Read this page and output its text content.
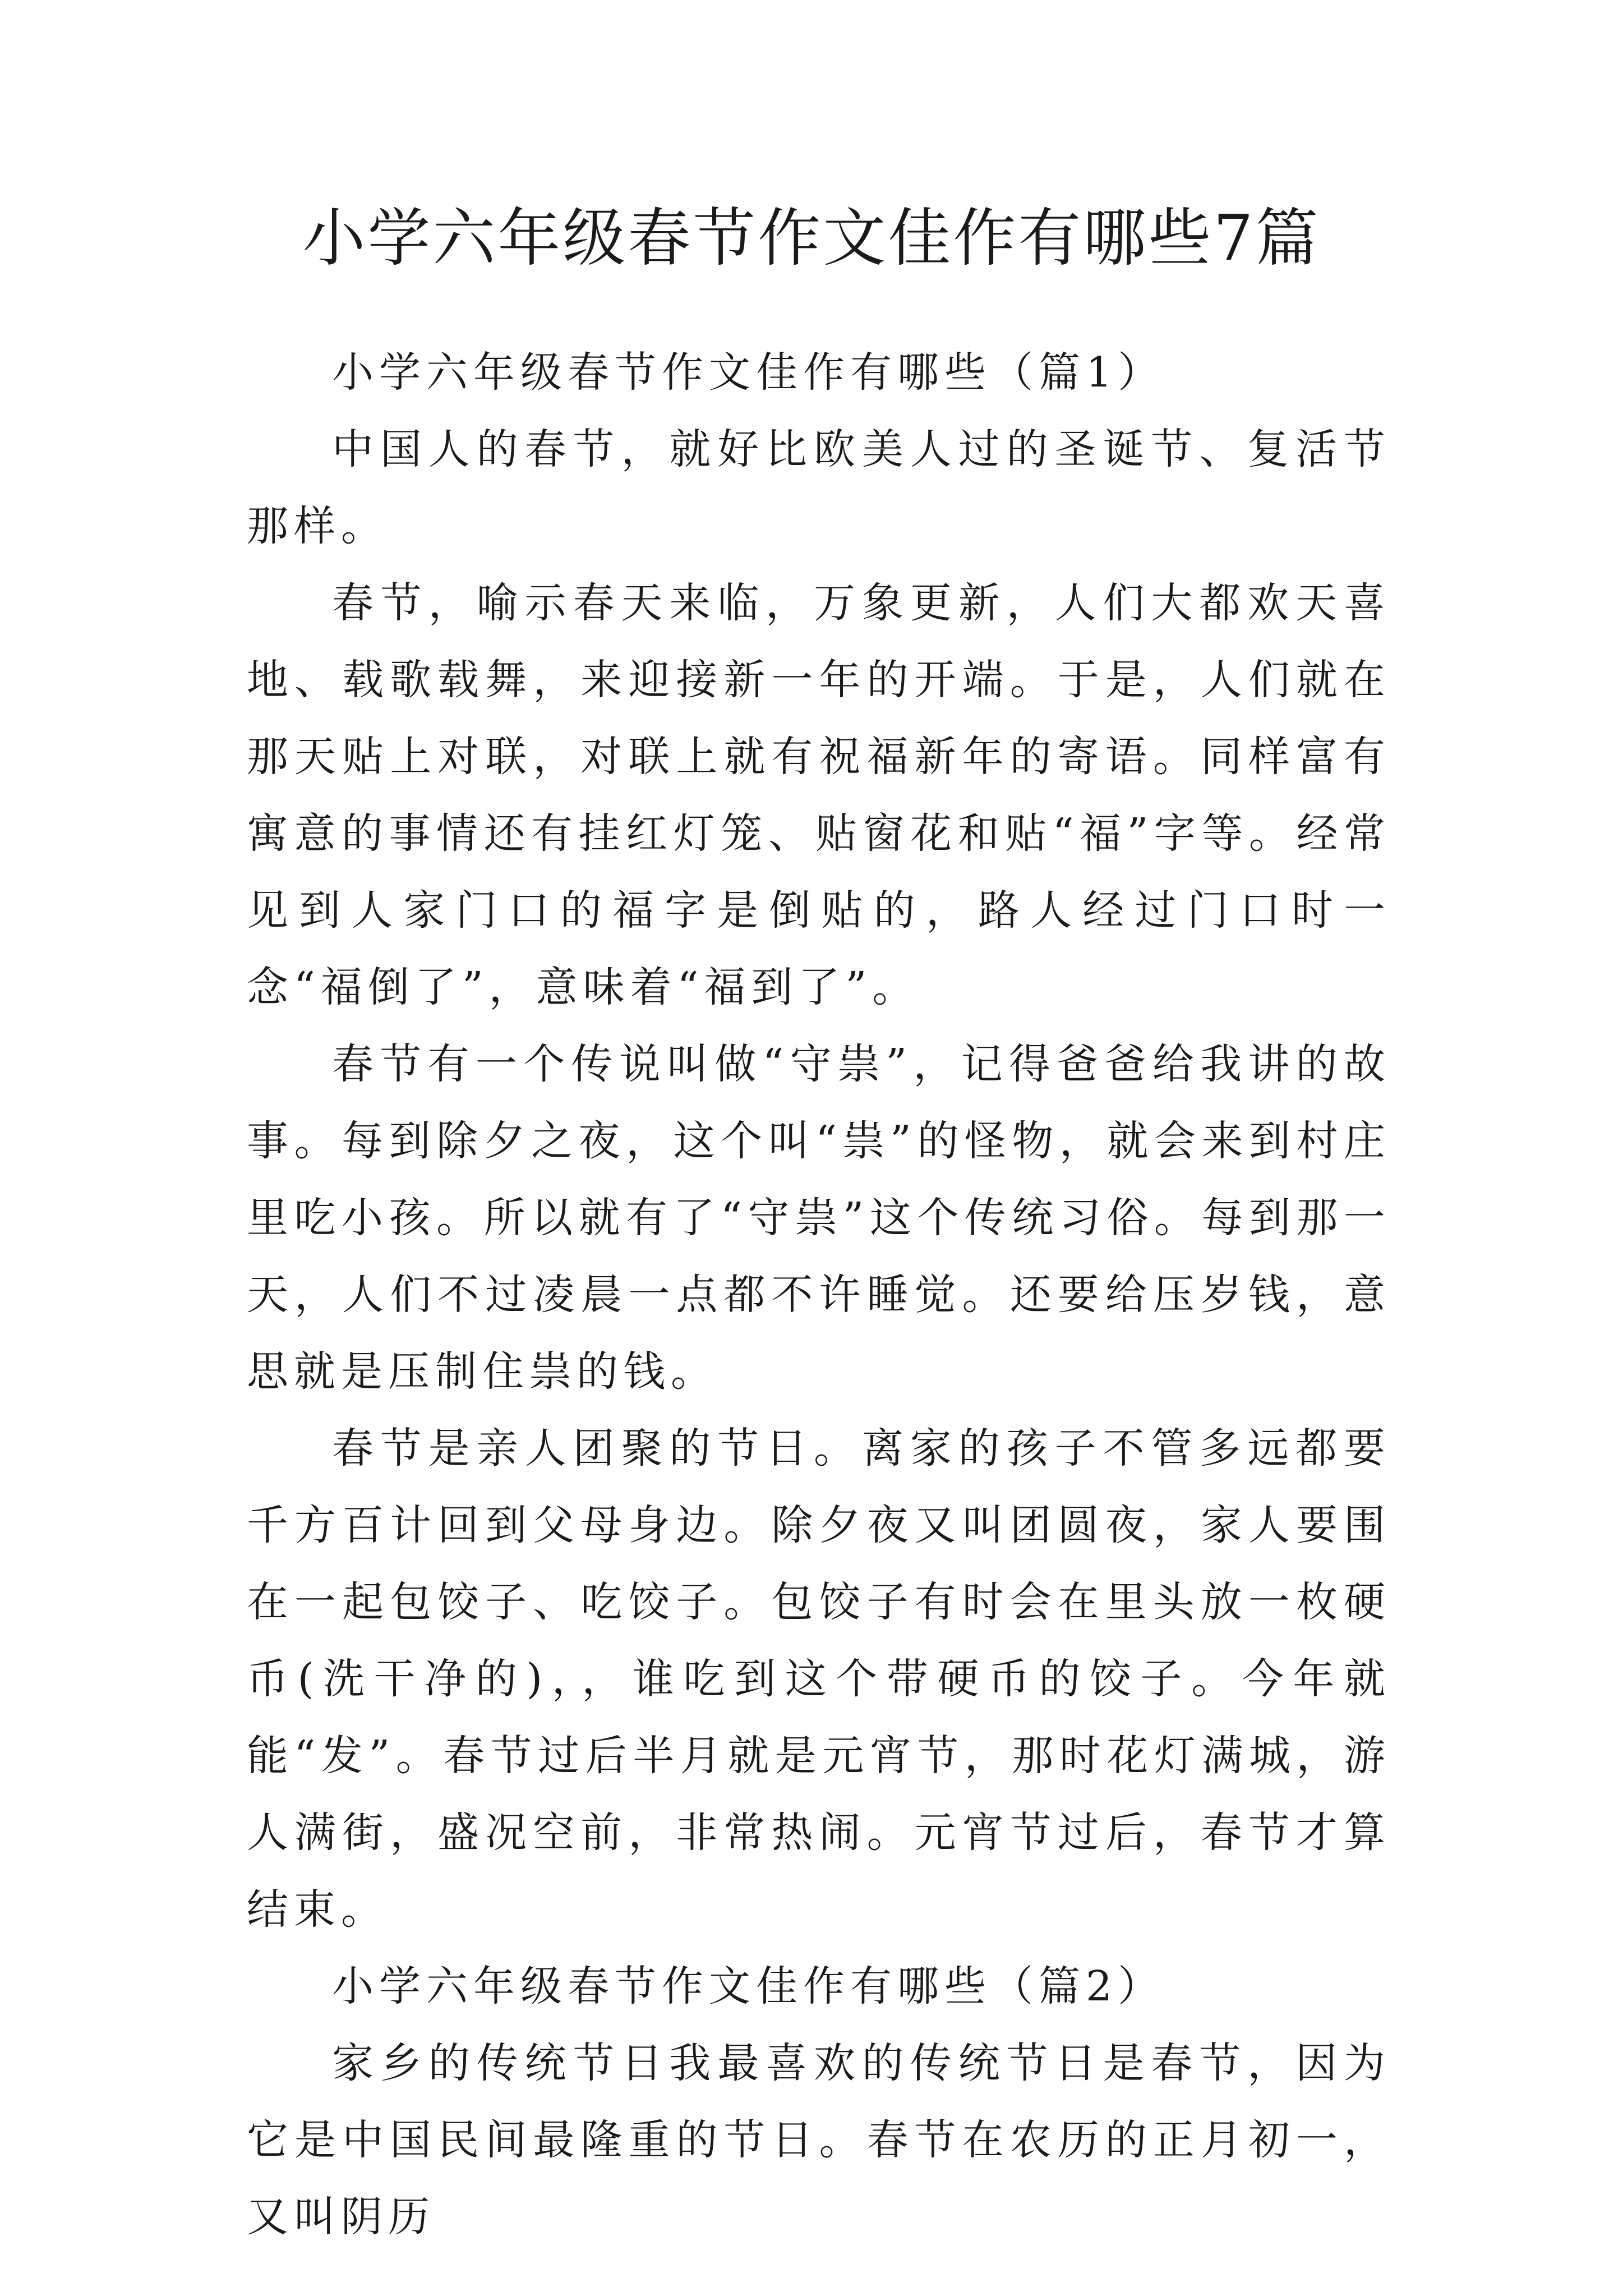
小学六年级春节作文佳作有哪些7篇

小学六年级春节作文佳作有哪些（篇1）

中国人的春节，就好比欧美人过的圣诞节、复活节那样。

春节，喻示春天来临，万象更新，人们大都欢天喜地、载歌载舞，来迎接新一年的开端。于是，人们就在那天贴上对联，对联上就有祝福新年的寄语。同样富有寓意的事情还有挂红灯笼、贴窗花和贴“福”字等。经常见到人家门口的福字是倒贴的，路人经过门口时一念“福倒了”，意味着“福到了”。

春节有一个传说叫做“守祟”，记得爸爸给我讲的故事。每到除夕之夜，这个叫“祟”的怪物，就会来到村庄里吃小孩。所以就有了“守祟”这个传统习俗。每到那一天，人们不过凌晨一点都不许睡觉。还要给压岁钱，意思就是压制住祟的钱。

春节是亲人团聚的节日。离家的孩子不管多远都要千方百计回到父母身边。除夕夜又叫团圆夜，家人要围在一起包饺子、吃饺子。包饺子有时会在里头放一枚硬币(洗干净的)，，谁吃到这个带硬币的饺子。今年就能“发”。春节过后半月就是元宵节，那时花灯满城，游人满街，盛况空前，非常热闹。元宵节过后，春节才算结束。

小学六年级春节作文佳作有哪些（篇2）

家乡的传统节日我最喜欢的传统节日是春节，因为它是中国民间最隆重的节日。春节在农历的正月初一，又叫阴历
